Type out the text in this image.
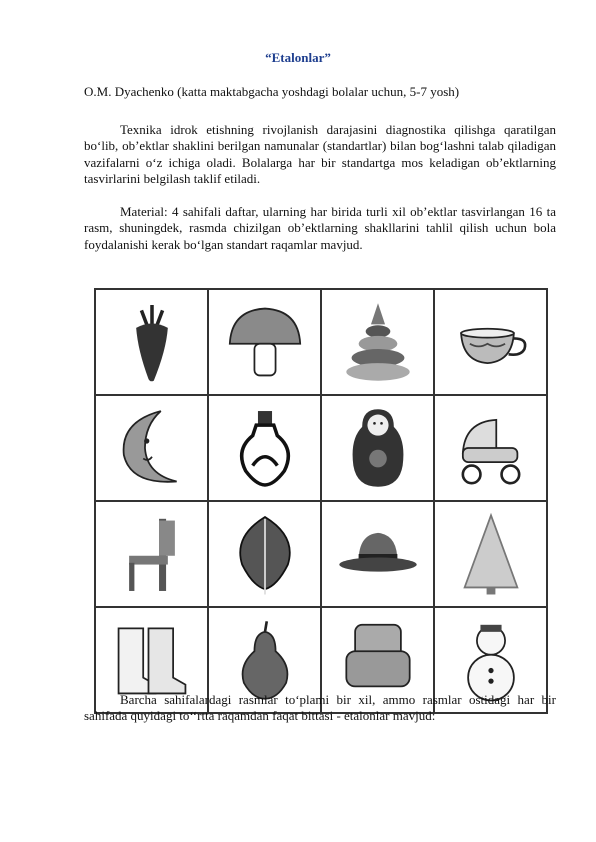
“Etalonlar”
O.M. Dyachenko (katta maktabgacha yoshdagi bolalar uchun, 5-7 yosh)
Texnika idrok etishning rivojlanish darajasini diagnostika qilishga qaratilgan bo‘lib, ob’ektlar shaklini berilgan namunalar (standartlar) bilan bog‘lashni talab qiladigan vazifalarni o‘z ichiga oladi. Bolalarga har bir standartga mos keladigan ob’ektlarning tasvirlarini belgilash taklif etiladi.
Material: 4 sahifali daftar, ularning har birida turli xil ob’ektlar tasvirlangan 16 ta rasm, shuningdek, rasmda chizilgan ob’ektlarning shakllarini tahlil qilish uchun bola foydalanishi kerak bo‘lgan standart raqamlar mavjud.
Barcha sahifalardagi rasmlar to‘plami bir xil, ammo rasmlar ostidagi har bir sahifada quyidagi to‘‘rtta raqamdan faqat bittasi - etalonlar mavjud:
